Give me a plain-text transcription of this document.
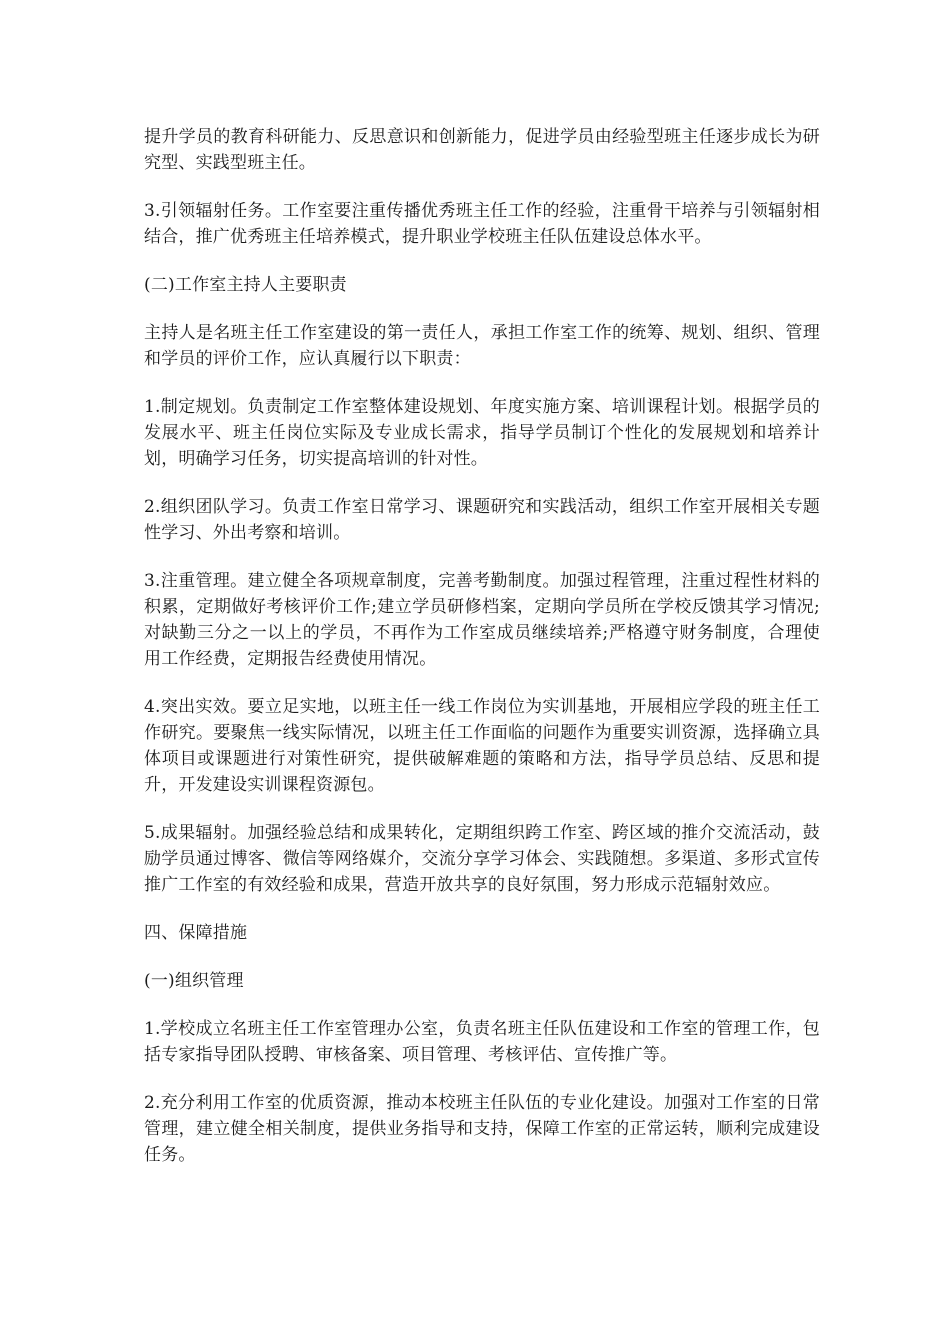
提升学员的教育科研能力、反思意识和创新能力，促进学员由经验型班主任逐步成长为研究型、实践型班主任。

3.引领辐射任务。工作室要注重传播优秀班主任工作的经验，注重骨干培养与引领辐射相结合，推广优秀班主任培养模式，提升职业学校班主任队伍建设总体水平。

(二)工作室主持人主要职责

主持人是名班主任工作室建设的第一责任人，承担工作室工作的统筹、规划、组织、管理和学员的评价工作，应认真履行以下职责：

1.制定规划。负责制定工作室整体建设规划、年度实施方案、培训课程计划。根据学员的发展水平、班主任岗位实际及专业成长需求，指导学员制订个性化的发展规划和培养计划，明确学习任务，切实提高培训的针对性。

2.组织团队学习。负责工作室日常学习、课题研究和实践活动，组织工作室开展相关专题性学习、外出考察和培训。

3.注重管理。建立健全各项规章制度，完善考勤制度。加强过程管理，注重过程性材料的积累，定期做好考核评价工作;建立学员研修档案，定期向学员所在学校反馈其学习情况;对缺勤三分之一以上的学员，不再作为工作室成员继续培养;严格遵守财务制度，合理使用工作经费，定期报告经费使用情况。

4.突出实效。要立足实地，以班主任一线工作岗位为实训基地，开展相应学段的班主任工作研究。要聚焦一线实际情况，以班主任工作面临的问题作为重要实训资源，选择确立具体项目或课题进行对策性研究，提供破解难题的策略和方法，指导学员总结、反思和提升，开发建设实训课程资源包。

5.成果辐射。加强经验总结和成果转化，定期组织跨工作室、跨区域的推介交流活动，鼓励学员通过博客、微信等网络媒介，交流分享学习体会、实践随想。多渠道、多形式宣传推广工作室的有效经验和成果，营造开放共享的良好氛围，努力形成示范辐射效应。

四、保障措施

(一)组织管理

1.学校成立名班主任工作室管理办公室，负责名班主任队伍建设和工作室的管理工作，包括专家指导团队授聘、审核备案、项目管理、考核评估、宣传推广等。

2.充分利用工作室的优质资源，推动本校班主任队伍的专业化建设。加强对工作室的日常管理，建立健全相关制度，提供业务指导和支持，保障工作室的正常运转，顺利完成建设任务。
